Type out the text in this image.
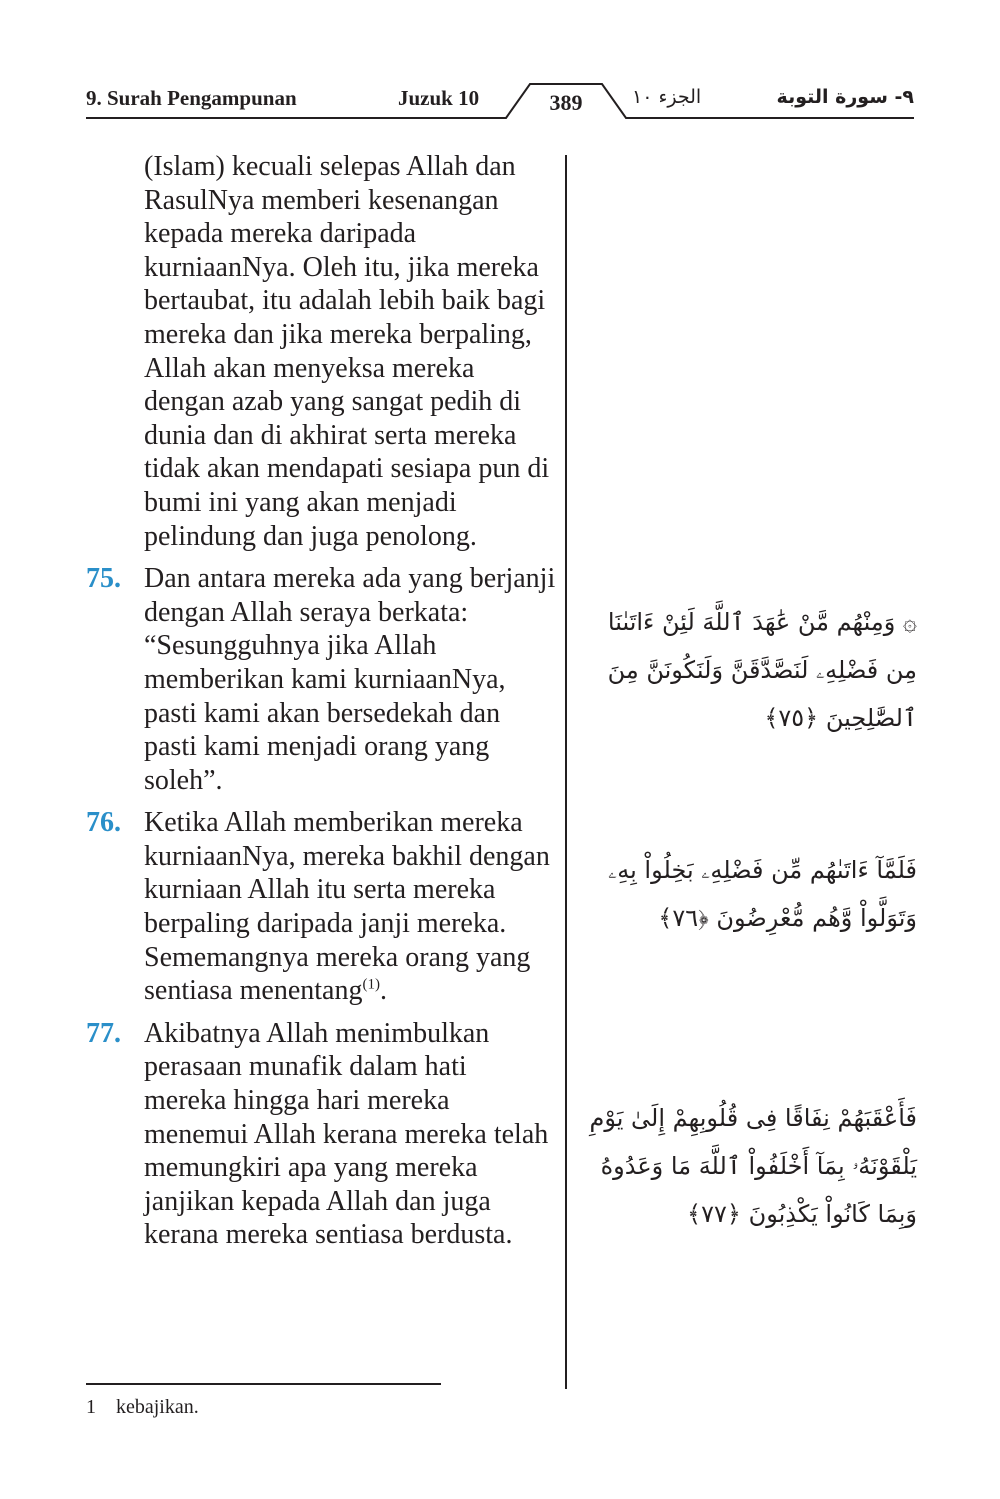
9. Surah Pengampunan	Juzuk 10	389	الجزء ١٠	٩- سورة التوبة
(Islam) kecuali selepas Allah dan RasulNya memberi kesenangan kepada mereka daripada kurniaanNya. Oleh itu, jika mereka bertaubat, itu adalah lebih baik bagi mereka dan jika mereka berpaling, Allah akan menyeksa mereka dengan azab yang sangat pedih di dunia dan di akhirat serta mereka tidak akan mendapati sesiapa pun di bumi ini yang akan menjadi pelindung dan juga penolong.
75. Dan antara mereka ada yang berjanji dengan Allah seraya berkata: “Sesungguhnya jika Allah memberikan kami kurniaanNya, pasti kami akan bersedekah dan pasti kami menjadi orang yang soleh”.
76. Ketika Allah memberikan mereka kurniaanNya, mereka bakhil dengan kurniaan Allah itu serta mereka berpaling daripada janji mereka. Sememangnya mereka orang yang sentiasa menentang$^{(1)}$.
77. Akibatnya Allah menimbulkan perasaan munafik dalam hati mereka hingga hari mereka menemui Allah kerana mereka telah memungkiri apa yang mereka janjikan kepada Allah dan juga kerana mereka sentiasa berdusta.
۞ وَمِنْهُم مَّنْ عَٰهَدَ ٱللَّهَ لَئِنْ ءَاتَىٰنَا مِن فَضْلِهِۦ لَنَصَّدَّقَنَّ وَلَنَكُونَنَّ مِنَ ٱلصَّٰلِحِينَ ﴿٧٥﴾
فَلَمَّآ ءَاتَىٰهُم مِّن فَضْلِهِۦ بَخِلُواْ بِهِۦ وَتَوَلَّواْ وَّهُم مُّعْرِضُونَ ﴿٧٦﴾
فَأَعْقَبَهُمْ نِفَاقًا فِى قُلُوبِهِمْ إِلَىٰ يَوْمِ يَلْقَوْنَهُۥ بِمَآ أَخْلَفُواْ ٱللَّهَ مَا وَعَدُوهُ وَبِمَا كَانُواْ يَكْذِبُونَ ﴿٧٧﴾
1 kebajikan.
